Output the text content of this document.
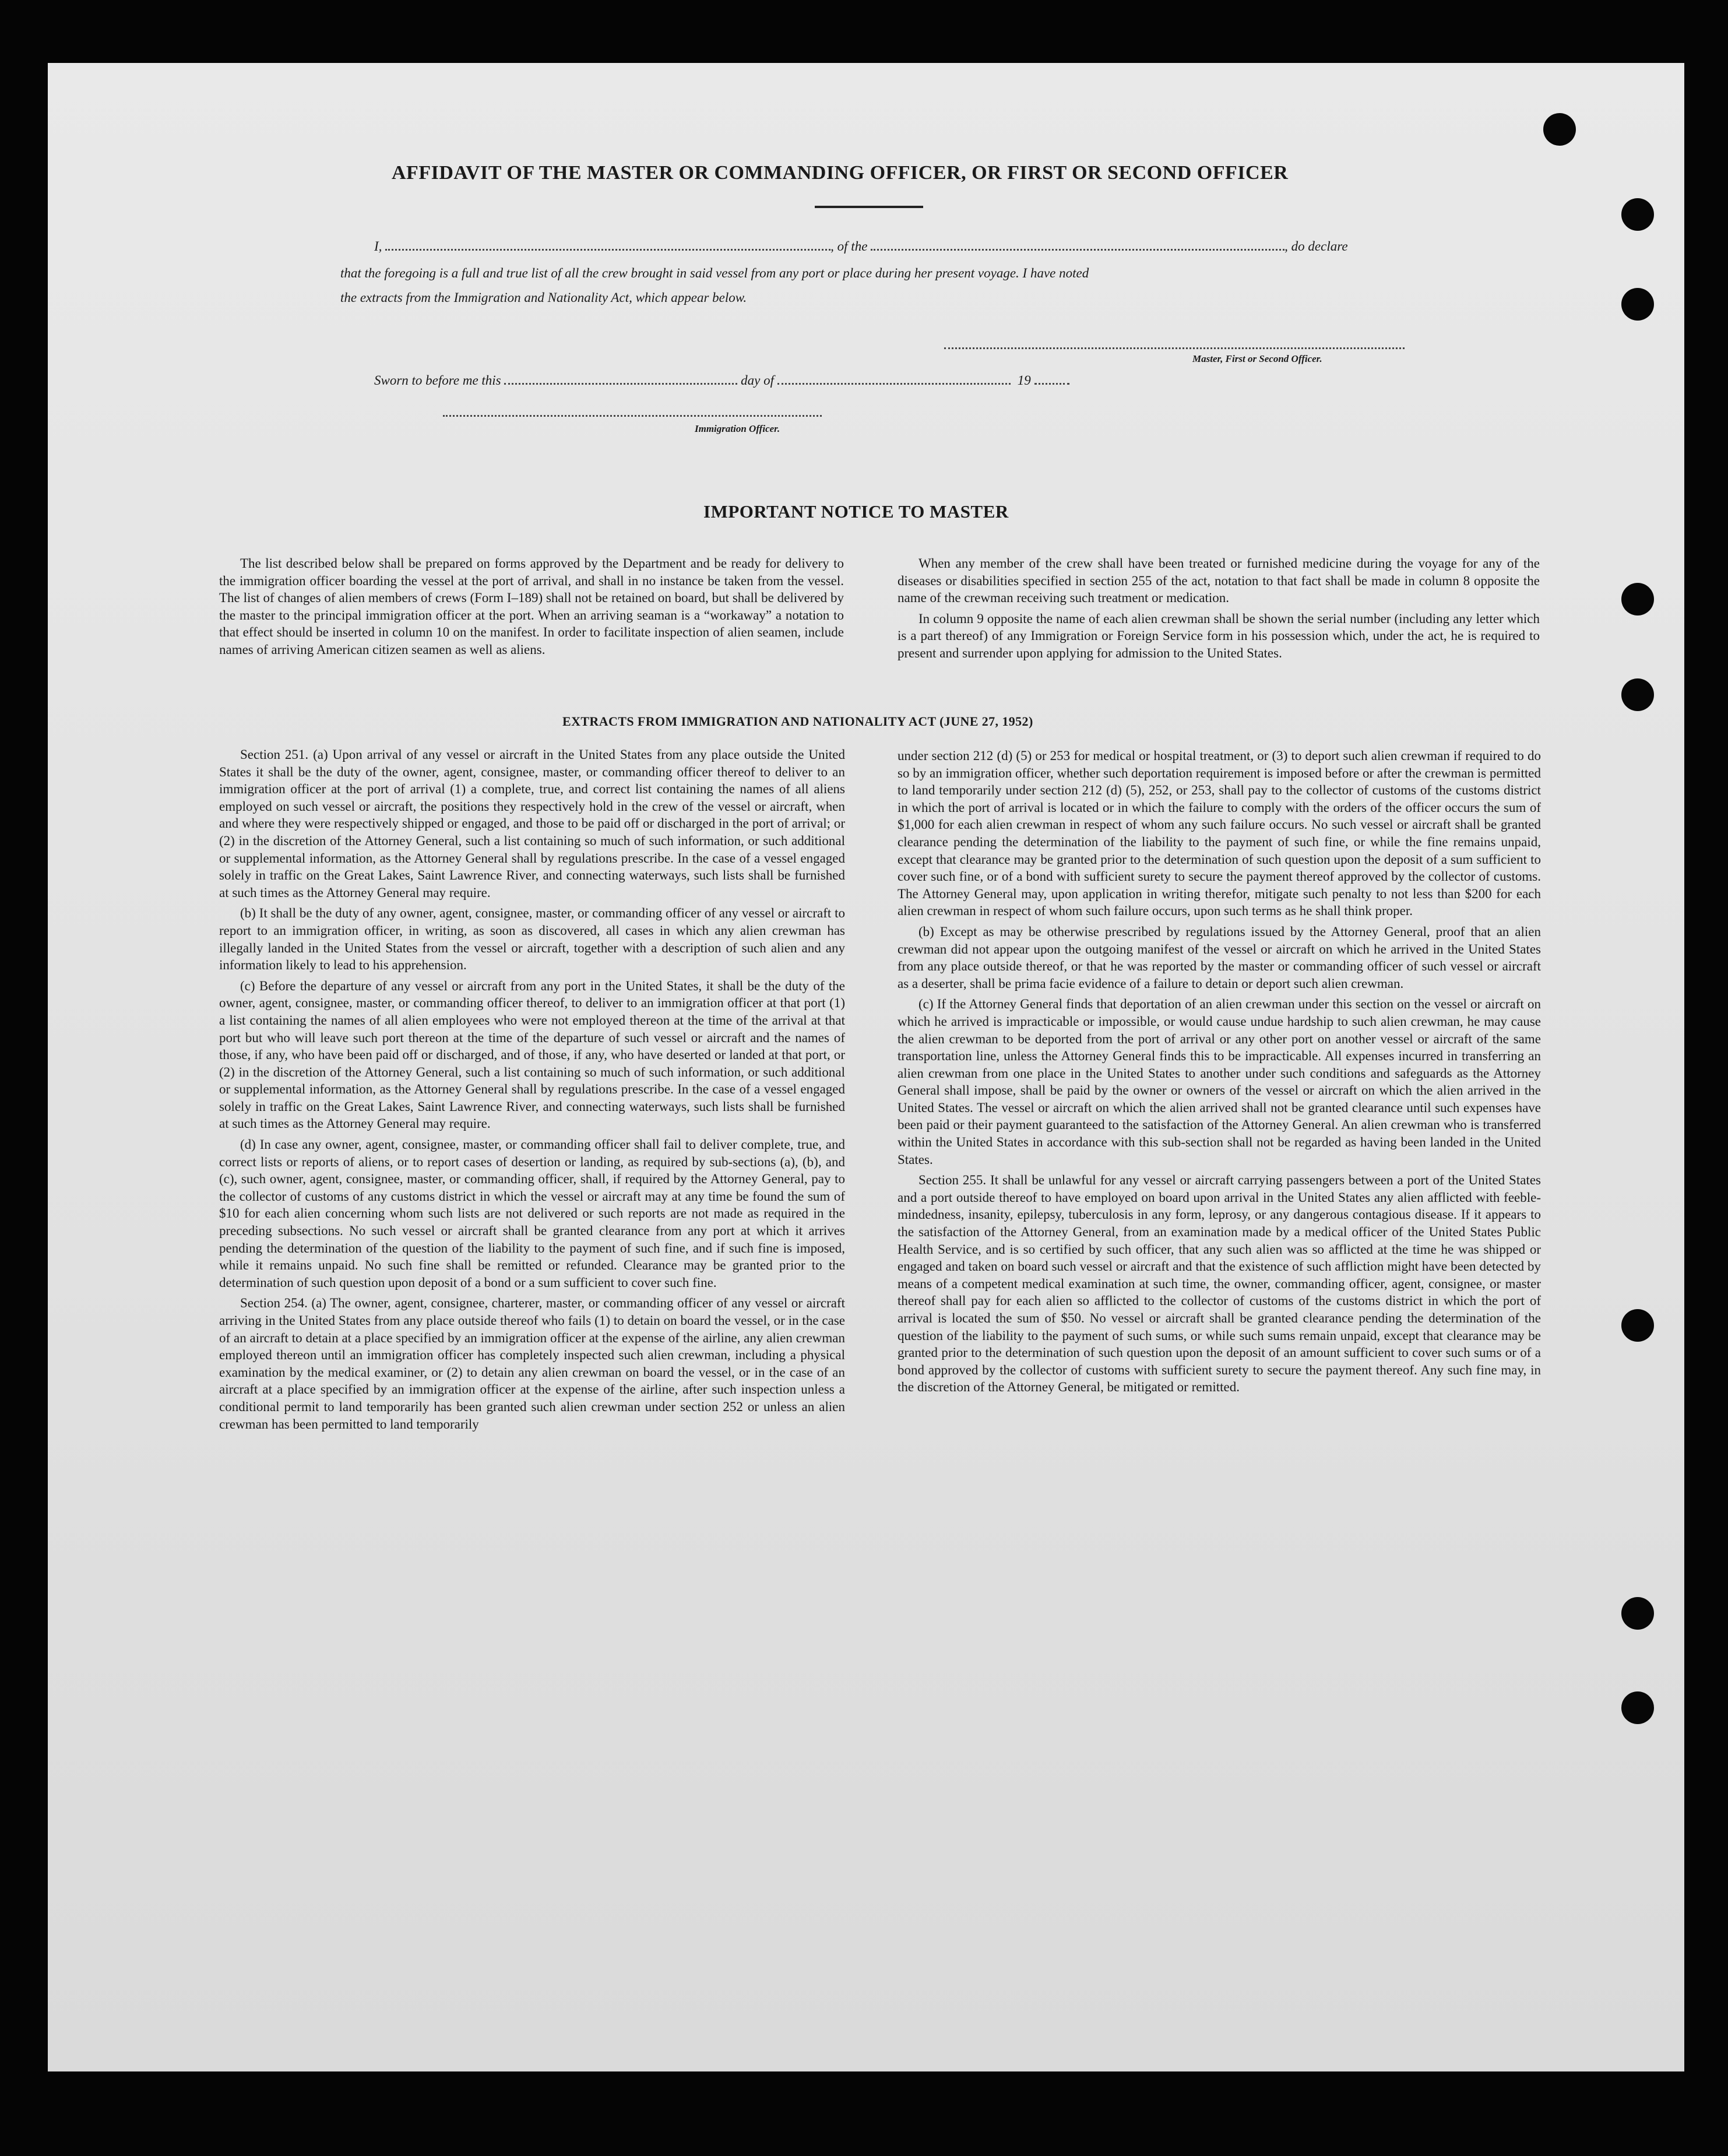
AFFIDAVIT OF THE MASTER OR COMMANDING OFFICER, OR FIRST OR SECOND OFFICER
I,	, of the	, do declare
that the foregoing is a full and true list of all the crew brought in said vessel from any port or place during her present voyage. I have noted
the extracts from the Immigration and Nationality Act, which appear below.
Master, First or Second Officer.
Sworn to before me this	day of	19
Immigration Officer.
IMPORTANT NOTICE TO MASTER
The list described below shall be prepared on forms approved by the Department and be ready for delivery to the immigration officer boarding the vessel at the port of arrival, and shall in no instance be taken from the vessel. The list of changes of alien members of crews (Form I–189) shall not be retained on board, but shall be delivered by the master to the principal immigration officer at the port. When an arriving seaman is a “workaway” a notation to that effect should be inserted in column 10 on the manifest. In order to facilitate inspection of alien seamen, include names of arriving American citizen seamen as well as aliens.

When any member of the crew shall have been treated or furnished medicine during the voyage for any of the diseases or disabilities specified in section 255 of the act, notation to that fact shall be made in column 8 opposite the name of the crewman receiving such treatment or medication.

In column 9 opposite the name of each alien crewman shall be shown the serial number (including any letter which is a part thereof) of any Immigration or Foreign Service form in his possession which, under the act, he is required to present and surrender upon applying for admission to the United States.

EXTRACTS FROM IMMIGRATION AND NATIONALITY ACT (JUNE 27, 1952)

Section 251. (a) Upon arrival of any vessel or aircraft in the United States from any place outside the United States it shall be the duty of the owner, agent, consignee, master, or commanding officer thereof to deliver to an immigration officer at the port of arrival (1) a complete, true, and correct list containing the names of all aliens employed on such vessel or aircraft, the positions they respectively hold in the crew of the vessel or aircraft, when and where they were respectively shipped or engaged, and those to be paid off or discharged in the port of arrival; or (2) in the discretion of the Attorney General, such a list containing so much of such information, or such additional or supplemental information, as the Attorney General shall by regulations prescribe. In the case of a vessel engaged solely in traffic on the Great Lakes, Saint Lawrence River, and connecting waterways, such lists shall be furnished at such times as the Attorney General may require.

(b) It shall be the duty of any owner, agent, consignee, master, or commanding officer of any vessel or aircraft to report to an immigration officer, in writing, as soon as discovered, all cases in which any alien crewman has illegally landed in the United States from the vessel or aircraft, together with a description of such alien and any information likely to lead to his apprehension.

(c) Before the departure of any vessel or aircraft from any port in the United States, it shall be the duty of the owner, agent, consignee, master, or commanding officer thereof, to deliver to an immigration officer at that port (1) a list containing the names of all alien employees who were not employed thereon at the time of the arrival at that port but who will leave such port thereon at the time of the departure of such vessel or aircraft and the names of those, if any, who have been paid off or discharged, and of those, if any, who have deserted or landed at that port, or (2) in the discretion of the Attorney General, such a list containing so much of such information, or such additional or supplemental information, as the Attorney General shall by regulations prescribe. In the case of a vessel engaged solely in traffic on the Great Lakes, Saint Lawrence River, and connecting waterways, such lists shall be furnished at such times as the Attorney General may require.

(d) In case any owner, agent, consignee, master, or commanding officer shall fail to deliver complete, true, and correct lists or reports of aliens, or to report cases of desertion or landing, as required by sub-sections (a), (b), and (c), such owner, agent, consignee, master, or commanding officer, shall, if required by the Attorney General, pay to the collector of customs of any customs district in which the vessel or aircraft may at any time be found the sum of $10 for each alien concerning whom such lists are not delivered or such reports are not made as required in the preceding subsections. No such vessel or aircraft shall be granted clearance from any port at which it arrives pending the determination of the question of the liability to the payment of such fine, and if such fine is imposed, while it remains unpaid. No such fine shall be remitted or refunded. Clearance may be granted prior to the determination of such question upon deposit of a bond or a sum sufficient to cover such fine.

Section 254. (a) The owner, agent, consignee, charterer, master, or commanding officer of any vessel or aircraft arriving in the United States from any place outside thereof who fails (1) to detain on board the vessel, or in the case of an aircraft to detain at a place specified by an immigration officer at the expense of the airline, any alien crewman employed thereon until an immigration officer has completely inspected such alien crewman, including a physical examination by the medical examiner, or (2) to detain any alien crewman on board the vessel, or in the case of an aircraft at a place specified by an immigration officer at the expense of the airline, after such inspection unless a conditional permit to land temporarily has been granted such alien crewman under section 252 or unless an alien crewman has been permitted to land temporarily

under section 212 (d) (5) or 253 for medical or hospital treatment, or (3) to deport such alien crewman if required to do so by an immigration officer, whether such deportation requirement is imposed before or after the crewman is permitted to land temporarily under section 212 (d) (5), 252, or 253, shall pay to the collector of customs of the customs district in which the port of arrival is located or in which the failure to comply with the orders of the officer occurs the sum of $1,000 for each alien crewman in respect of whom any such failure occurs. No such vessel or aircraft shall be granted clearance pending the determination of the liability to the payment of such fine, or while the fine remains unpaid, except that clearance may be granted prior to the determination of such question upon the deposit of a sum sufficient to cover such fine, or of a bond with sufficient surety to secure the payment thereof approved by the collector of customs. The Attorney General may, upon application in writing therefor, mitigate such penalty to not less than $200 for each alien crewman in respect of whom such failure occurs, upon such terms as he shall think proper.

(b) Except as may be otherwise prescribed by regulations issued by the Attorney General, proof that an alien crewman did not appear upon the outgoing manifest of the vessel or aircraft on which he arrived in the United States from any place outside thereof, or that he was reported by the master or commanding officer of such vessel or aircraft as a deserter, shall be prima facie evidence of a failure to detain or deport such alien crewman.

(c) If the Attorney General finds that deportation of an alien crewman under this section on the vessel or aircraft on which he arrived is impracticable or impossible, or would cause undue hardship to such alien crewman, he may cause the alien crewman to be deported from the port of arrival or any other port on another vessel or aircraft of the same transportation line, unless the Attorney General finds this to be impracticable. All expenses incurred in transferring an alien crewman from one place in the United States to another under such conditions and safeguards as the Attorney General shall impose, shall be paid by the owner or owners of the vessel or aircraft on which the alien arrived in the United States. The vessel or aircraft on which the alien arrived shall not be granted clearance until such expenses have been paid or their payment guaranteed to the satisfaction of the Attorney General. An alien crewman who is transferred within the United States in accordance with this sub-section shall not be regarded as having been landed in the United States.

Section 255. It shall be unlawful for any vessel or aircraft carrying passengers between a port of the United States and a port outside thereof to have employed on board upon arrival in the United States any alien afflicted with feeble-mindedness, insanity, epilepsy, tuberculosis in any form, leprosy, or any dangerous contagious disease. If it appears to the satisfaction of the Attorney General, from an examination made by a medical officer of the United States Public Health Service, and is so certified by such officer, that any such alien was so afflicted at the time he was shipped or engaged and taken on board such vessel or aircraft and that the existence of such affliction might have been detected by means of a competent medical examination at such time, the owner, commanding officer, agent, consignee, or master thereof shall pay for each alien so afflicted to the collector of customs of the customs district in which the port of arrival is located the sum of $50. No vessel or aircraft shall be granted clearance pending the determination of the question of the liability to the payment of such sums, or while such sums remain unpaid, except that clearance may be granted prior to the determination of such question upon the deposit of an amount sufficient to cover such sums or of a bond approved by the collector of customs with sufficient surety to secure the payment thereof. Any such fine may, in the discretion of the Attorney General, be mitigated or remitted.
